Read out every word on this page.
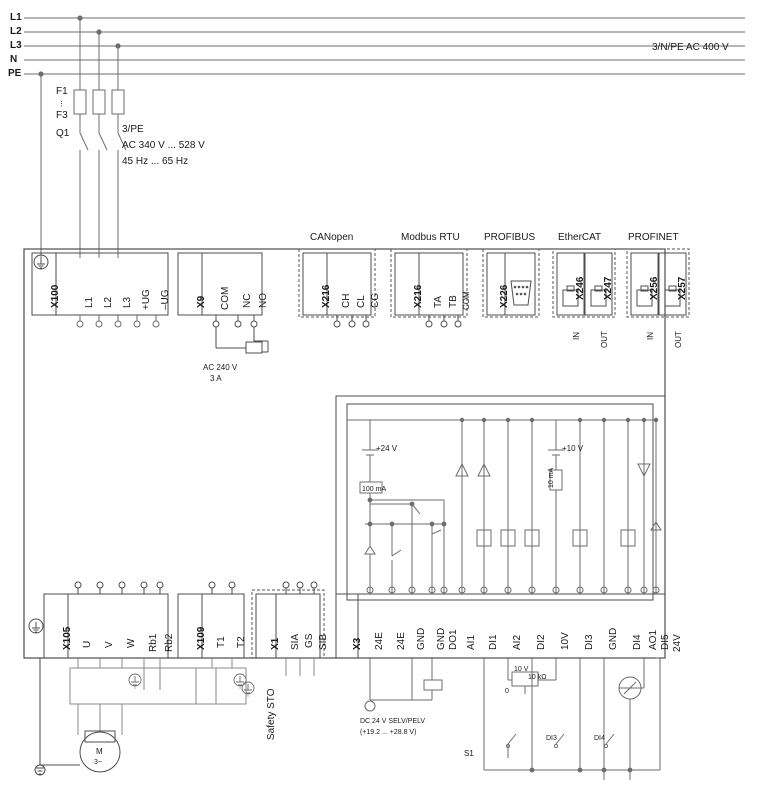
L1
L2
L3
N
PE
3/N/PE AC 400 V
F1
⋮
F3
Q1	3/PE
AC 340 V ... 528 V
45 Hz ... 65 Hz
X100 L1 L2 L3 +UG –UG	X9 COM NC NO
AC 240 V
3 A
CANopen
X216 CH CL CG
Modbus RTU
X216 TA TB COM
PROFIBUS
X226
EtherCAT
X246 X247
IN OUT
PROFINET
X256 X257
IN OUT
X105 U V W Rb1 Rb2 X109 T1 T2 X1 SIA GS SIB
Safety STO
X3 24E 24E GND GND DO1 AI1 DI1 AI2 DI2 10V DI3 GND DI4 AO1 DI5 24V
+24 V
100 mA
+10 V
10 mA
DC 24 V SELV/PELV
(+19.2 ... +28.8 V)
10 V
0
10 kΩ
S1
DI3	DI4
M
3~
